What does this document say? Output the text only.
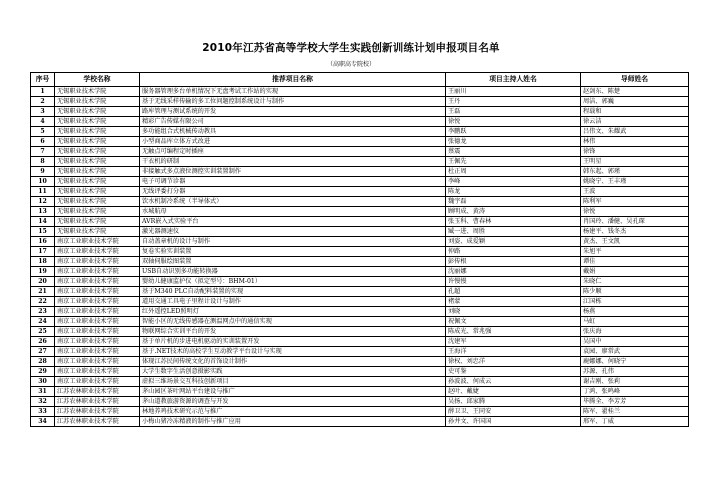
2010年江苏省高等学校大学生实践创新训练计划申报项目名单
（高职高专院校）
序号	学校名称	推荐项目名称	项目主持人姓名	导师姓名
1	无锡职业技术学院	服务器管理多台单机情况下无盘考试工作站的实现	王丽川	赵剑东、陈楚
2	无锡职业技术学院	基于无线采样传输的多工位问题控制系统设计与制作	王丹	周洁、郭巍
3	无锡职业技术学院	路库管理与测试系统的开发	王磊	程载和
4	无锡职业技术学院	精彩广告传媒有限公司	徐悦	徐云洁
5	无锡职业技术学院	多功能组合式机械传动教具	李鹏跃	吕伟文、朱耀武
6	无锡职业技术学院	小型商品库立体方式改进	张德龙	林伟
7	无锡职业技术学院	无触点可编程定时插座	蔡震	徐锋
8	无锡职业技术学院	干衣机的研制	王佩先	王明星
9	无锡职业技术学院	非接触式多点液位测控实训装置制作	杜正周	韩东起、郭瑾
10	无锡职业技术学院	电子可调节诊器	李峰	姚晓宁、王丰瑾
11	无锡职业技术学院	无线评委打分器	陈龙	王波
12	无锡职业技术学院	饮水机制冷系统（半导体式）	魏宇磊	陈利军
13	无锡职业技术学院	水城航母	顾明成、黄涛	徐悦
14	无锡职业技术学院	AVR嵌入式实验平台	张玉科、曹春林	肖国玲、潘健、吴孔琛
15	无锡职业技术学院	激光器测速仪	臧一进、周胜	杨建平、钱冬杰
16	南京工业职业技术学院	自动盖章机的设计与制作	刘姿、成爱颖	黄杰、王文凯
17	南京工业职业技术学院	复卷实验实训装置	仲路	朱旭平
18	南京工业职业技术学院	双轴伺服绘图装置	彭传根	谭佳
19	南京工业职业技术学院	USB自动识别多功能转换器	沈丽娜	戴娟
20	南京工业职业技术学院	婴幼儿健康监护仪（拟定型号：BHM-01）	许慢慢	朱晓仁
21	南京工业职业技术学院	基于M340 PLC自动配料装置的实现	孔超	陈少顺
22	南京工业职业技术学院	道用交通工具电子里程计设计与制作	褚蒙	江国栋
23	南京工业职业技术学院	红外遥控LED照明灯	刘晓	杨燕
24	南京工业职业技术学院	智能小区的无线传感器在测温网点中的通信实现	祝佩文	马虹
25	南京工业职业技术学院	物联网综合实训平台的开发	陈成光、常兆强	张庆海
26	南京工业职业技术学院	基于单片机的步进电机驱动的实训装置开发	沈建军	吴国中
27	南京工业职业技术学院	基于.NET技术的高校学生互动教学平台设计与实现	王海洋	袁园、廖常武
28	南京工业职业技术学院	体现江苏民间传统文化的首饰设计制作	徐权、刘忠洋	鹿娜娜、何晓宁
29	南京工业职业技术学院	大学生数字生活创意摄影实践	史可鉴	苏源、孔伟
30	南京工业职业技术学院	虚拟三维场景交互科技创新项目	孙波波、何成云	谢吉刚、张莉
31	江苏农林职业技术学院	茅山园区茶叶网站平台建设与推广	赵叶、戴婕	丁鸿、张鸣峰
32	江苏农林职业技术学院	茅山道教旅游资源的调查与开发	吴扬、邱家腾	毕腾全、李芳芳
33	江苏农林职业技术学院	林地养鸡技术研究示范与推广	薛卫卫、王同安	陈军、翟桂兰
34	江苏农林职业技术学院	小梅山猪冷冻精液的制作与推广应用	孙井文、许国国	邢军、丁威
